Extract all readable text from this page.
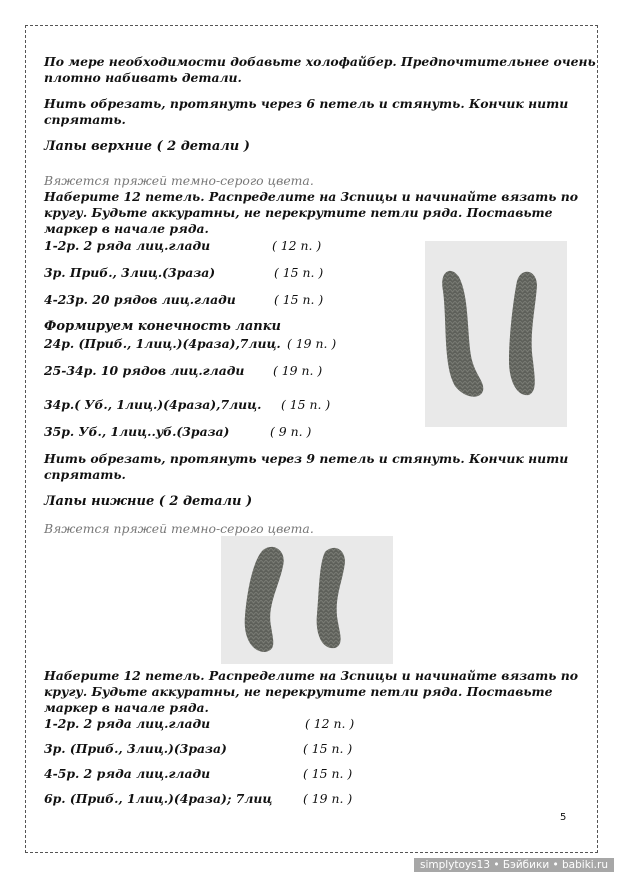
По мере необходимости добавьте холофайбер. Предпочтительнее очень
плотно набивать детали.
Нить обрезать, протянуть через 6 петель и стянуть. Кончик нити
спрятать.
Лапы верхние ( 2 детали )
Вяжется пряжей темно-серого цвета.
Наберите 12 петель. Распределите на 3спицы и начинайте вязать по
кругу. Будьте аккуратны, не перекрутите петли ряда. Поставьте
маркер в начале ряда.
1-2р. 2 ряда лиц.глади	( 12 п. )
3р. Приб., 3лиц.(3раза)	( 15 п. )
4-23р. 20 рядов лиц.глади	( 15 п. )
Формируем конечность лапки
24р. (Приб., 1лиц.)(4раза),7лиц. ( 19 п. )
25-34р. 10 рядов лиц.глади ( 19 п. )
34р.( Уб., 1лиц.)(4раза),7лиц. ( 15 п. )
35р. Уб., 1лиц..уб.(3раза)	( 9 п. )
Нить обрезать, протянуть через 9 петель и стянуть. Кончик нити
спрятать.
Лапы нижние ( 2 детали )
Вяжется пряжей темно-серого цвета.
Наберите 12 петель. Распределите на 3спицы и начинайте вязать по
кругу. Будьте аккуратны, не перекрутите петли ряда. Поставьте
маркер в начале ряда.
1-2р. 2 ряда лиц.глади	( 12 п. )
3р. (Приб., 3лиц.)(3раза)	( 15 п. )
4-5р. 2 ряда лиц.глади	( 15 п. )
6р. (Приб., 1лиц.)(4раза); 7лиц ( 19 п. )
5
simplytoys13 • Бэйбики • babiki.ru
